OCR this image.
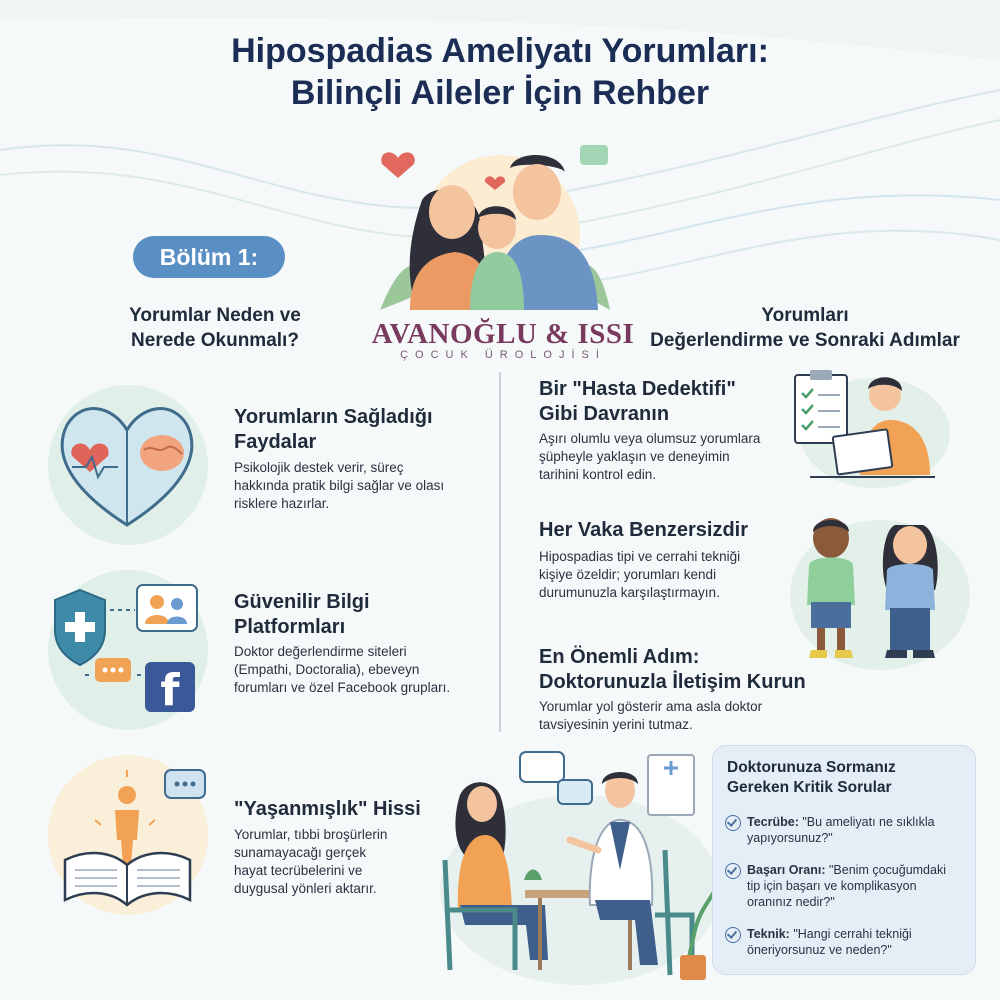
Hipospadias Ameliyatı Yorumları:
Bilinçli Aileler İçin Rehber
Bölüm 1:
Yorumlar Neden ve
Nerede Okunmalı?	AVANOĞLU & ISSI
ÇOCUK ÜROLOJİSİ
Yorumları
Değerlendirme ve Sonraki Adımlar
Yorumların Sağladığı
Faydalar
Psikolojik destek verir, süreç
hakkında pratik bilgi sağlar ve olası
risklere hazırlar.
f
Güvenilir Bilgi
Platformları
Doktor değerlendirme siteleri
(Empathi, Doctoralia), ebeveyn
forumları ve özel Facebook grupları.
"Yaşanmışlık" Hissi
Yorumlar, tıbbi broşürlerin
sunamayacağı gerçek
hayat tecrübelerini ve
duygusal yönleri aktarır.
Bir "Hasta Dedektifi"
Gibi Davranın
Aşırı olumlu veya olumsuz yorumlara
şüpheyle yaklaşın ve deneyimin
tarihini kontrol edin.
Her Vaka Benzersizdir
Hipospadias tipi ve cerrahi tekniği
kişiye özeldir; yorumları kendi
durumunuzla karşılaştırmayın.
En Önemli Adım:
Doktorunuzla İletişim Kurun
Yorumlar yol gösterir ama asla doktor
tavsiyesinin yerini tutmaz.
Doktorunuza Sormanız
Gereken Kritik Sorular
Tecrübe: "Bu ameliyatı ne sıklıkla
yapıyorsunuz?"
Başarı Oranı: "Benim çocuğumdaki
tip için başarı ve komplikasyon
oranınız nedir?"
Teknik: "Hangi cerrahi tekniği
öneriyorsunuz ve neden?"
